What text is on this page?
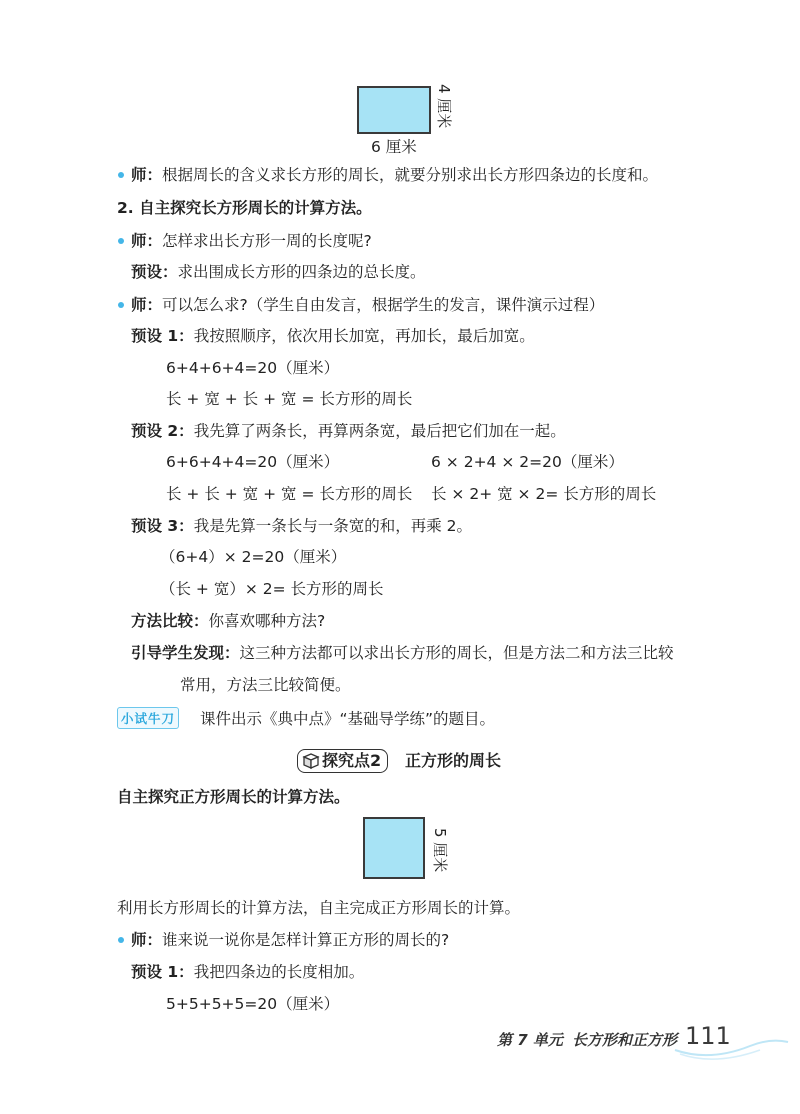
4 厘米
6 厘米
师：根据周长的含义求长方形的周长，就要分别求出长方形四条边的长度和。
2. 自主探究长方形周长的计算方法。
师：怎样求出长方形一周的长度呢?
预设：求出围成长方形的四条边的总长度。
师：可以怎么求?（学生自由发言，根据学生的发言，课件演示过程）
预设 1：我按照顺序，依次用长加宽，再加长，最后加宽。
6+4+6+4=20（厘米）
长 + 宽 + 长 + 宽 = 长方形的周长
预设 2：我先算了两条长，再算两条宽，最后把它们加在一起。
6+6+4+4=20（厘米）	6 × 2+4 × 2=20（厘米）
长 + 长 + 宽 + 宽 = 长方形的周长 长 × 2+ 宽 × 2= 长方形的周长
预设 3：我是先算一条长与一条宽的和，再乘 2。
（6+4）× 2=20（厘米）
（长 + 宽）× 2= 长方形的周长
方法比较：你喜欢哪种方法?
引导学生发现：这三种方法都可以求出长方形的周长，但是方法二和方法三比较
常用，方法三比较简便。
小试牛刀 课件出示《典中点》“基础导学练”的题目。
探究点2	正方形的周长
自主探究正方形周长的计算方法。
5 厘米
利用长方形周长的计算方法，自主完成正方形周长的计算。
师：谁来说一说你是怎样计算正方形的周长的?
预设 1：我把四条边的长度相加。
5+5+5+5=20（厘米）
第 7 单元 长方形和正方形 111
